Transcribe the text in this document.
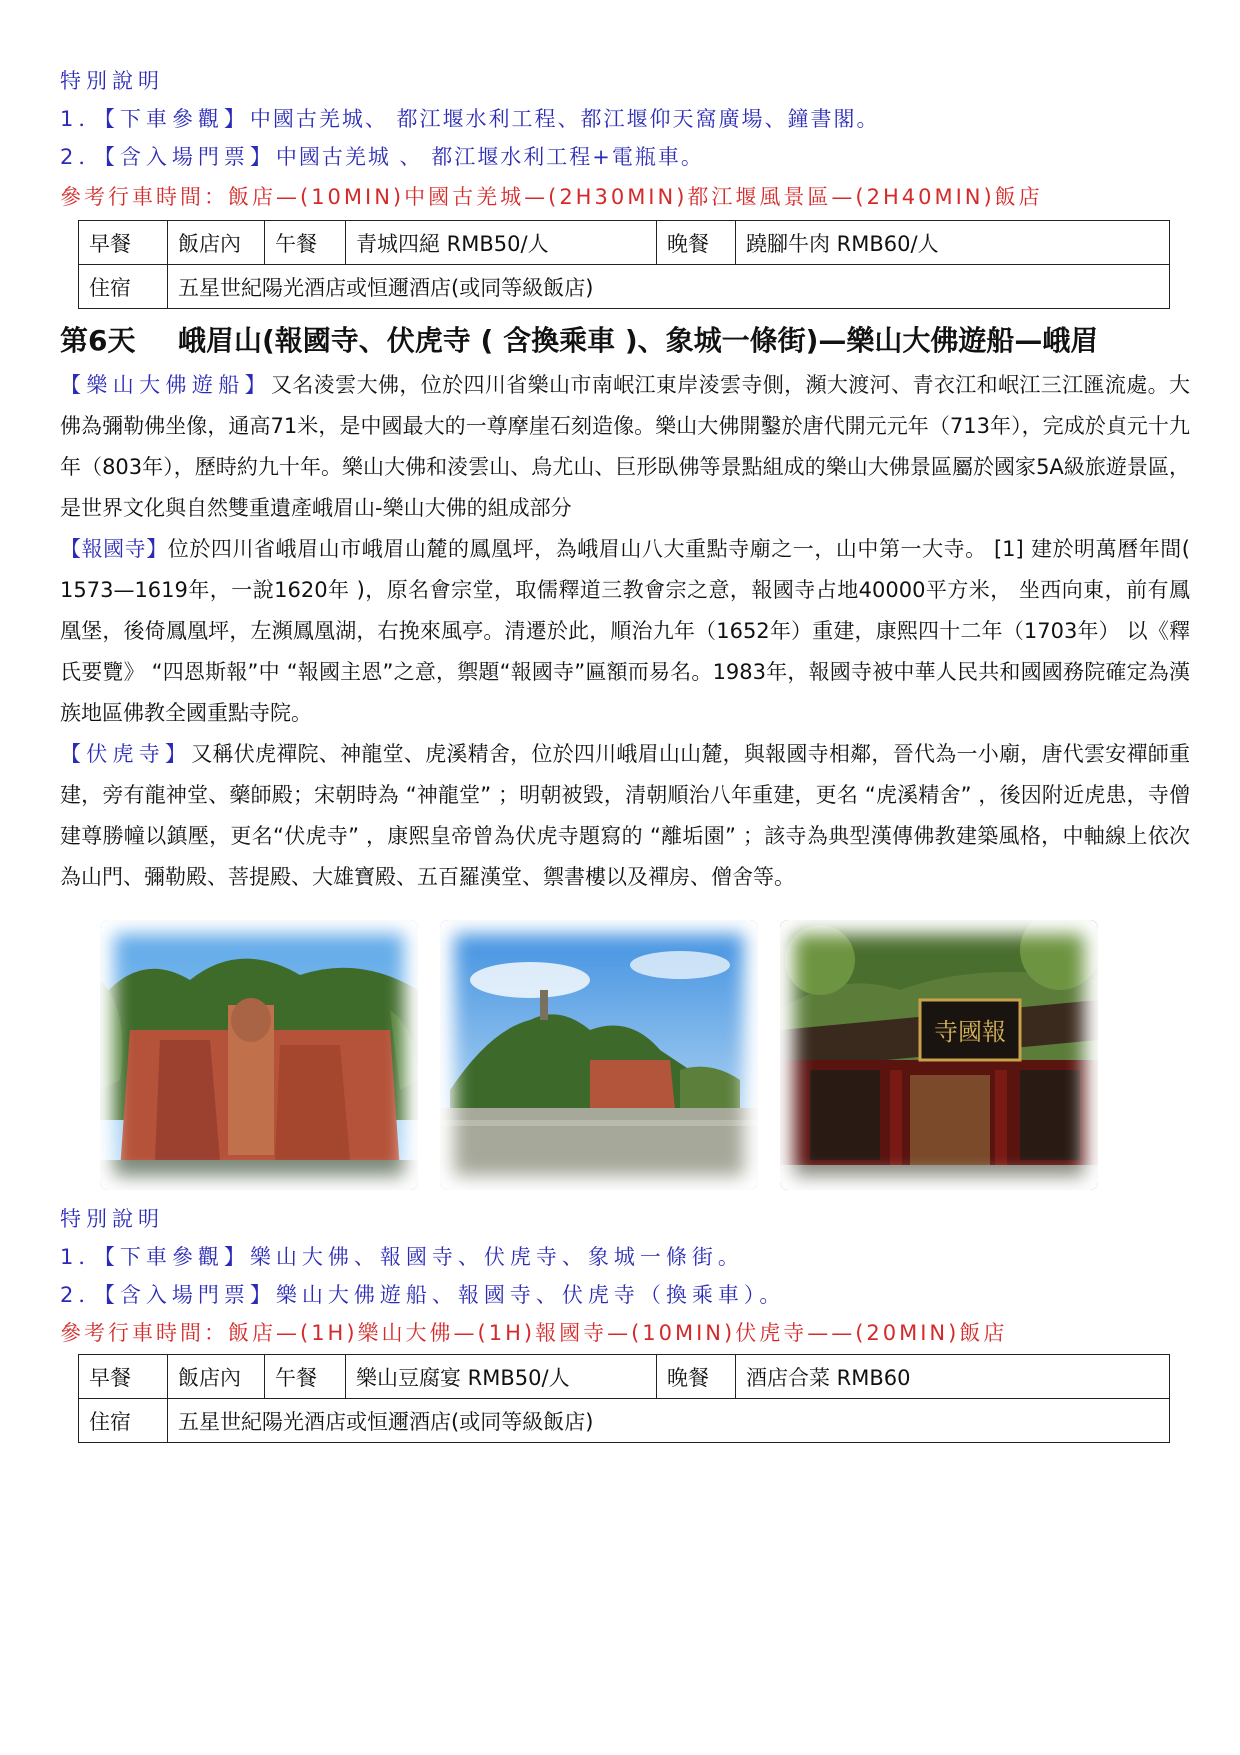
特別說明
1．【下車參觀】中國古羌城、 都江堰水利工程、都江堰仰天窩廣場、鐘書閣。
2．【含入場門票】中國古羌城 、 都江堰水利工程+電瓶車。
參考行車時間：飯店—(10MIN)中國古羌城—(2H30MIN)都江堰風景區—(2H40MIN)飯店
早餐	飯店內	午餐	青城四絕 RMB50/人	晚餐	蹺腳牛肉 RMB60/人
住宿	五星世紀陽光酒店或恒邇酒店(或同等級飯店)				
第6天	峨眉山(報國寺、伏虎寺 ( 含換乘車 )、象城一條街)—樂山大佛遊船—峨眉
【樂山大佛遊船】又名淩雲大佛，位於四川省樂山市南岷江東岸淩雲寺側，瀕大渡河、青衣江和岷江三江匯流處。大佛為彌勒佛坐像，通高71米，是中國最大的一尊摩崖石刻造像。樂山大佛開鑿於唐代開元元年（713年），完成於貞元十九年（803年），歷時約九十年。樂山大佛和淩雲山、烏尤山、巨形臥佛等景點組成的樂山大佛景區屬於國家5A級旅遊景區，是世界文化與自然雙重遺產峨眉山-樂山大佛的組成部分
【報國寺】位於四川省峨眉山市峨眉山麓的鳳凰坪，為峨眉山八大重點寺廟之一，山中第一大寺。 [1] 建於明萬曆年間( 1573—1619年，一說1620年 )，原名會宗堂，取儒釋道三教會宗之意，報國寺占地40000平方米， 坐西向東，前有鳳凰堡，後倚鳳凰坪，左瀕鳳凰湖，右挽來風亭。清遷於此，順治九年（1652年）重建，康熙四十二年（1703年） 以《釋氏要覽》 “四恩斯報”中 “報國主恩”之意，禦題“報國寺”匾額而易名。1983年，報國寺被中華人民共和國國務院確定為漢族地區佛教全國重點寺院。
【伏虎寺】又稱伏虎禪院、神龍堂、虎溪精舍，位於四川峨眉山山麓，與報國寺相鄰，晉代為一小廟，唐代雲安禪師重建，旁有龍神堂、藥師殿；宋朝時為 “神龍堂” ；明朝被毀，清朝順治八年重建，更名 “虎溪精舍” ，後因附近虎患，寺僧建尊勝幢以鎮壓，更名“伏虎寺” ，康熙皇帝曾為伏虎寺題寫的 “離垢園” ；該寺為典型漢傳佛教建築風格，中軸線上依次為山門、彌勒殿、菩提殿、大雄寶殿、五百羅漢堂、禦書樓以及禪房、僧舍等。
寺國報
特別說明
1．【下車參觀】樂山大佛、報國寺、伏虎寺、象城一條街。
2．【含入場門票】樂山大佛遊船、報國寺、伏虎寺（換乘車）。
參考行車時間：飯店—(1H)樂山大佛—(1H)報國寺—(10MIN)伏虎寺——(20MIN)飯店
早餐	飯店內	午餐	樂山豆腐宴 RMB50/人	晚餐	酒店合菜 RMB60
住宿	五星世紀陽光酒店或恒邇酒店(或同等級飯店)				
